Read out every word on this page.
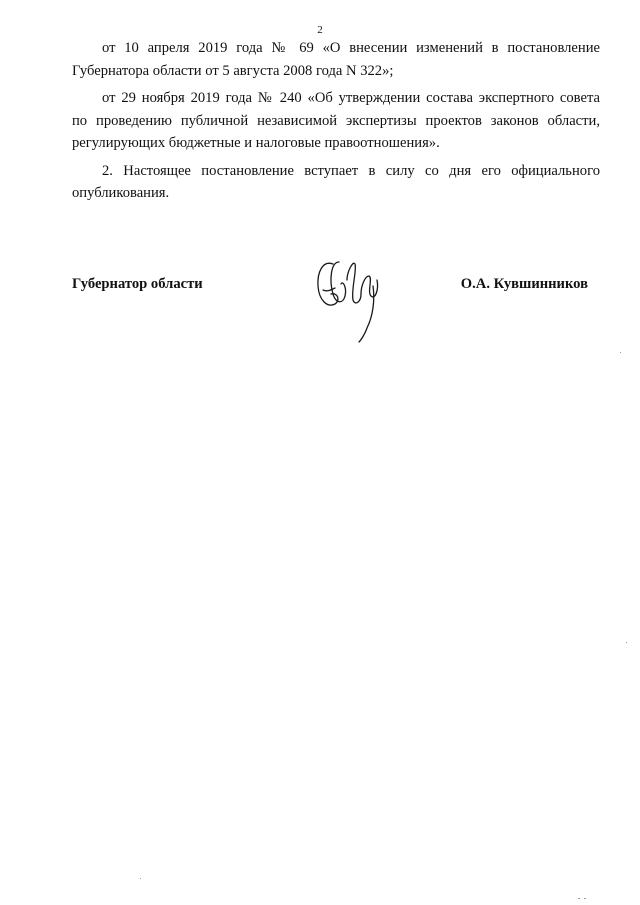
2

от 10 апреля 2019 года № 69 «О внесении изменений в постановление
Губернатора области от 5 августа 2008 года N 322»;

от 29 ноября 2019 года № 240 «Об утверждении состава экспертного совета
по проведению публичной независимой экспертизы проектов законов области,
регулирующих бюджетные и налоговые правоотношения».

2. Настоящее постановление вступает в силу со дня его официального
опубликования.

Губернатор области	О.А. Кувшинников
